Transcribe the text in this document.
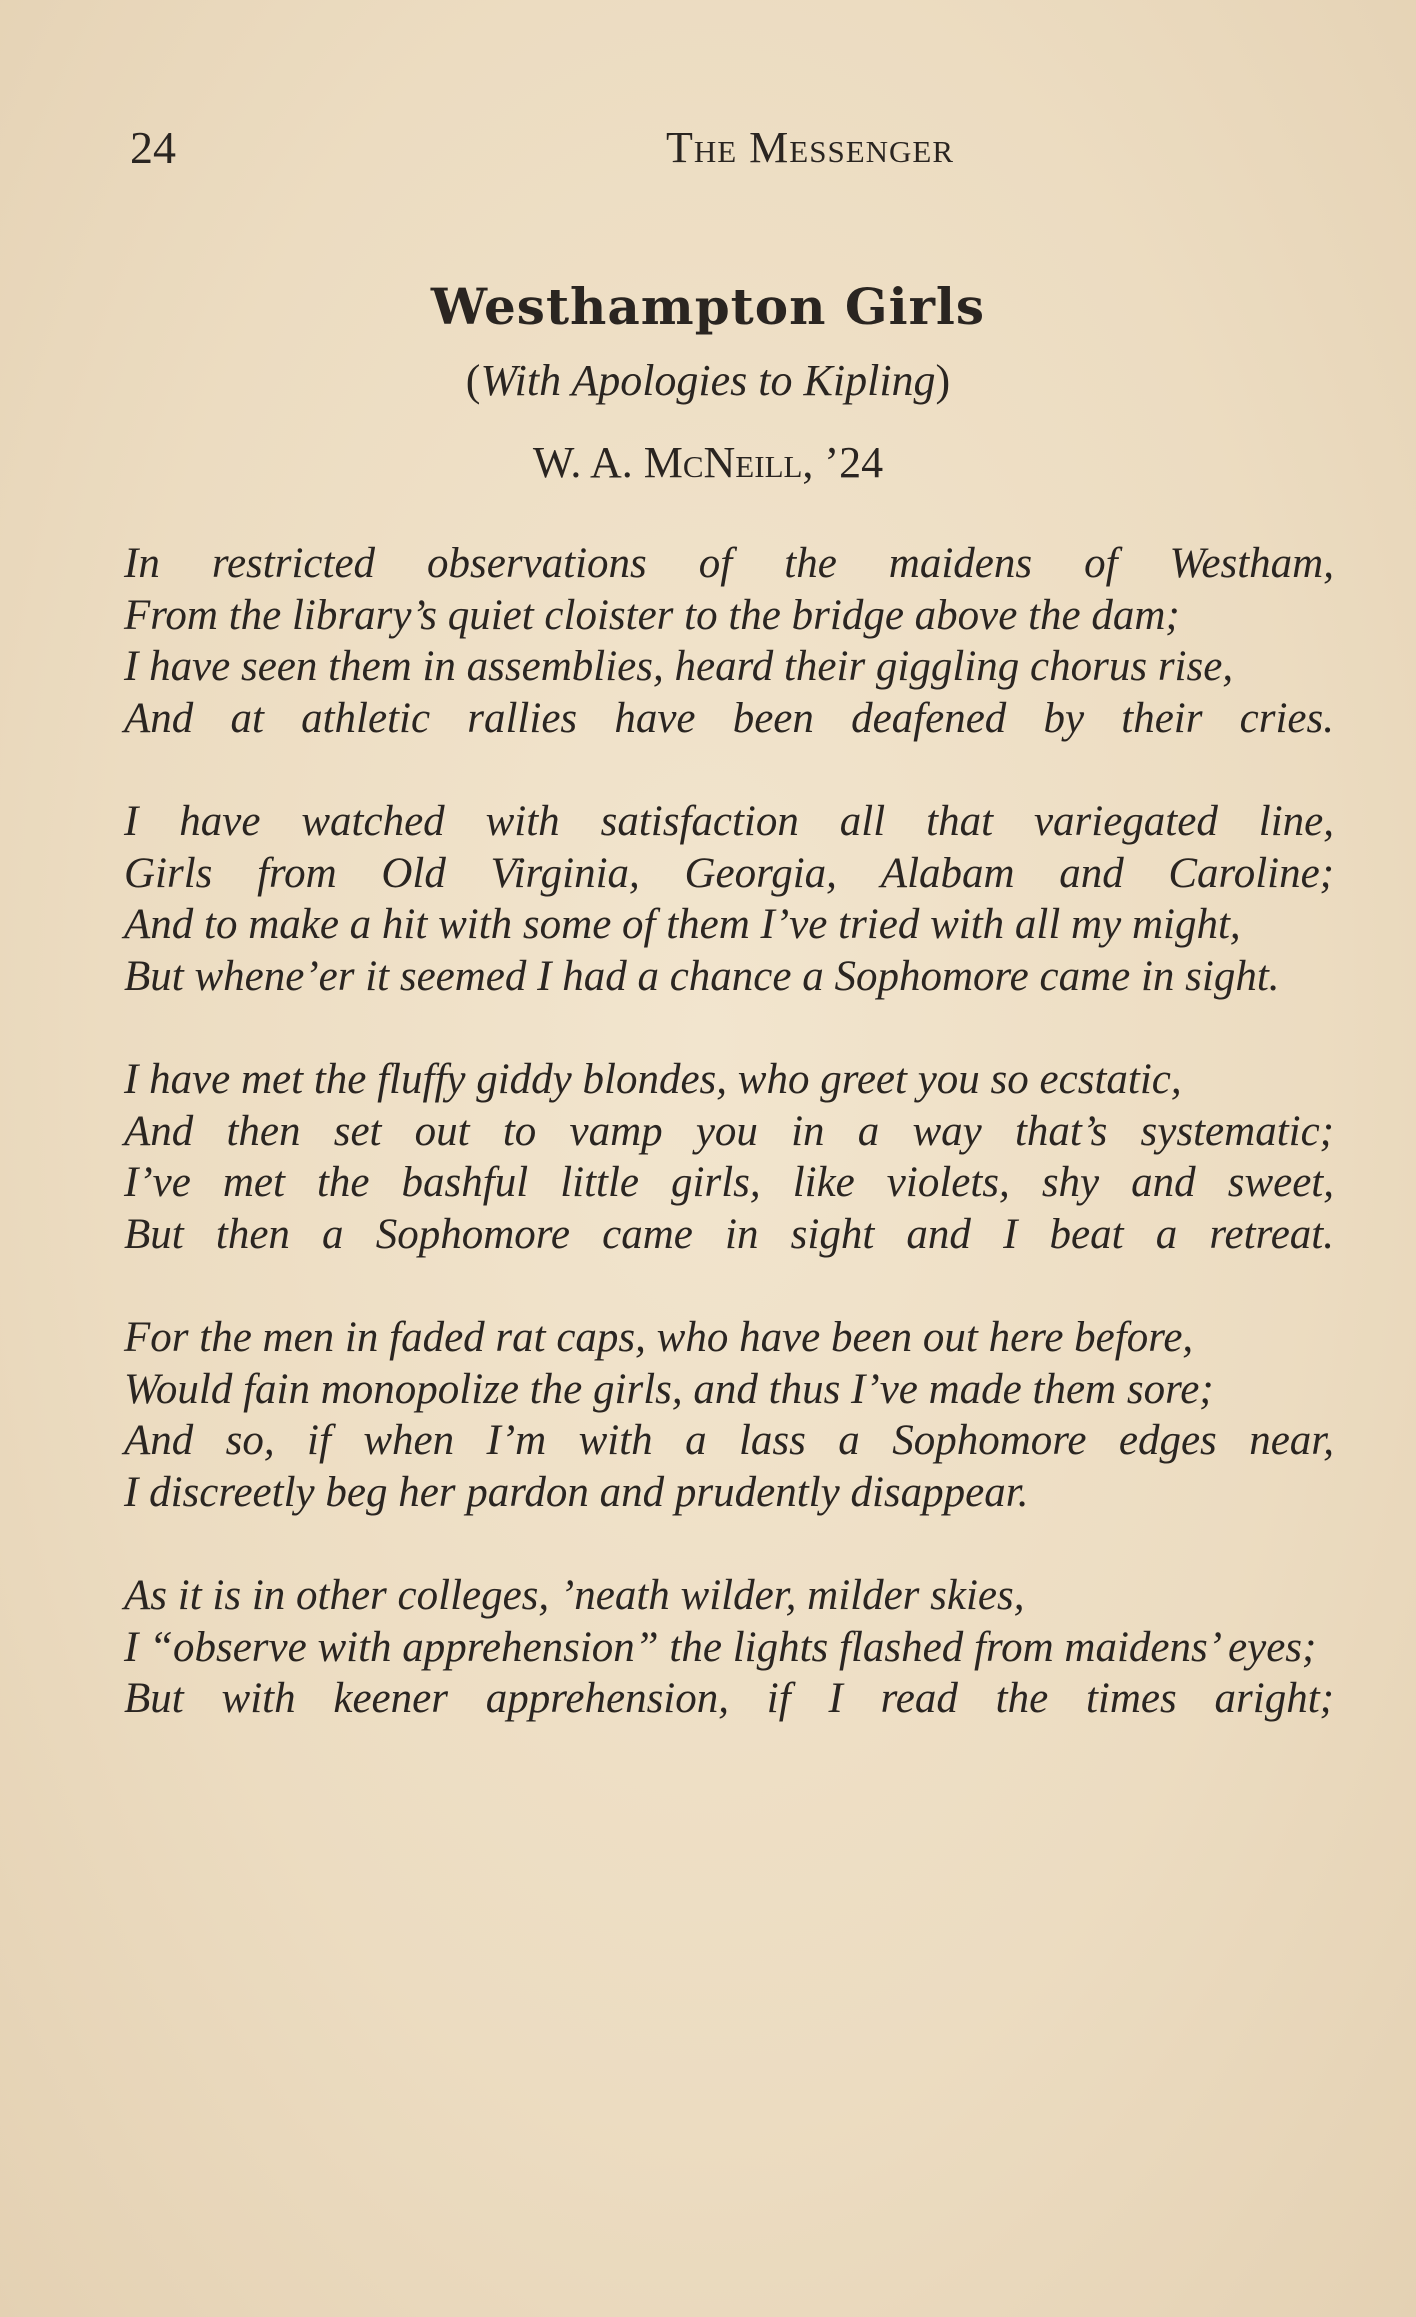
24	The Messenger
Westhampton Girls
(With Apologies to Kipling)
W. A. McNeill, ’24
In restricted observations of the maidens of Westham,
From the library’s quiet cloister to the bridge above the dam;
I have seen them in assemblies, heard their giggling chorus rise,
And at athletic rallies have been deafened by their cries.
I have watched with satisfaction all that variegated line,
Girls from Old Virginia, Georgia, Alabam and Caroline;
And to make a hit with some of them I’ve tried with all my might,
But whene’er it seemed I had a chance a Sophomore came in sight.
I have met the fluffy giddy blondes, who greet you so ecstatic,
And then set out to vamp you in a way that’s systematic;
I’ve met the bashful little girls, like violets, shy and sweet,
But then a Sophomore came in sight and I beat a retreat.
For the men in faded rat caps, who have been out here before,
Would fain monopolize the girls, and thus I’ve made them sore;
And so, if when I’m with a lass a Sophomore edges near,
I discreetly beg her pardon and prudently disappear.
As it is in other colleges, ’neath wilder, milder skies,
I “observe with apprehension” the lights flashed from maidens’ eyes;
But with keener apprehension, if I read the times aright;
